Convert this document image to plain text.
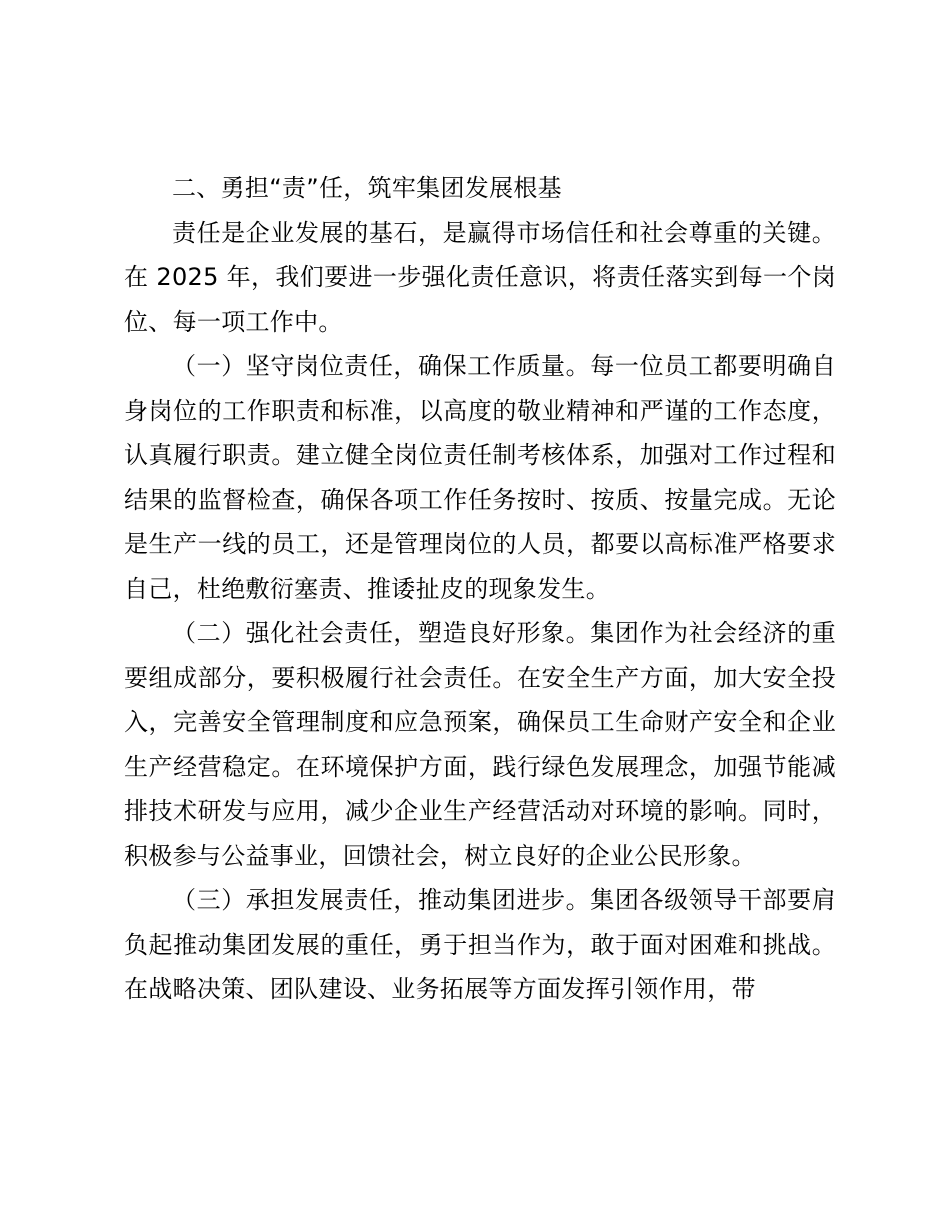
二、勇担“责”任，筑牢集团发展根基

责任是企业发展的基石，是赢得市场信任和社会尊重的关键。在 2025 年，我们要进一步强化责任意识，将责任落实到每一个岗位、每一项工作中。

（一）坚守岗位责任，确保工作质量。每一位员工都要明确自身岗位的工作职责和标准，以高度的敬业精神和严谨的工作态度，认真履行职责。建立健全岗位责任制考核体系，加强对工作过程和结果的监督检查，确保各项工作任务按时、按质、按量完成。无论是生产一线的员工，还是管理岗位的人员，都要以高标准严格要求自己，杜绝敷衍塞责、推诿扯皮的现象发生。

（二）强化社会责任，塑造良好形象。集团作为社会经济的重要组成部分，要积极履行社会责任。在安全生产方面，加大安全投入，完善安全管理制度和应急预案，确保员工生命财产安全和企业生产经营稳定。在环境保护方面，践行绿色发展理念，加强节能减排技术研发与应用，减少企业生产经营活动对环境的影响。同时，积极参与公益事业，回馈社会，树立良好的企业公民形象。

（三）承担发展责任，推动集团进步。集团各级领导干部要肩负起推动集团发展的重任，勇于担当作为，敢于面对困难和挑战。在战略决策、团队建设、业务拓展等方面发挥引领作用，带
